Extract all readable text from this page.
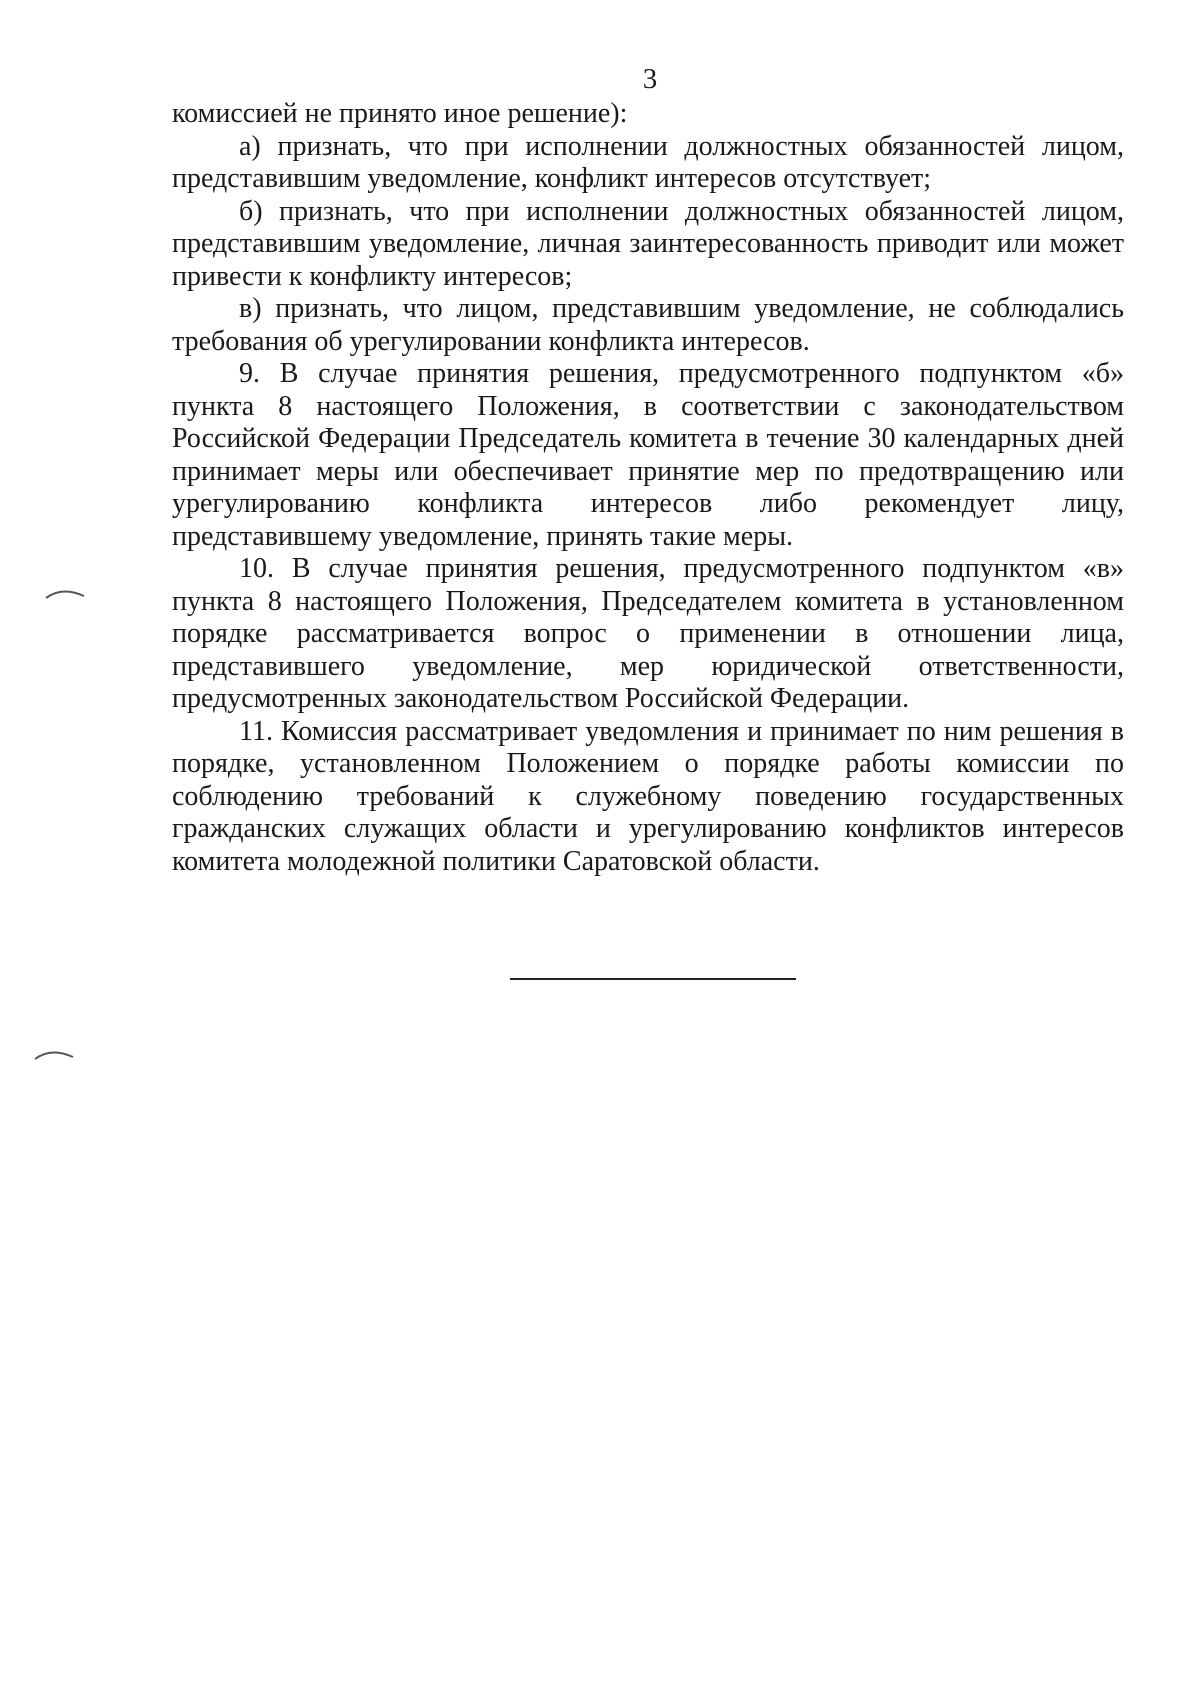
3

комиссией не принято иное решение):

а) признать, что при исполнении должностных обязанностей лицом, представившим уведомление, конфликт интересов отсутствует;

б) признать, что при исполнении должностных обязанностей лицом, представившим уведомление, личная заинтересованность приводит или может привести к конфликту интересов;

в) признать, что лицом, представившим уведомление, не соблюдались требования об урегулировании конфликта интересов.

9. В случае принятия решения, предусмотренного подпунктом «б» пункта 8 настоящего Положения, в соответствии с законодательством Российской Федерации Председатель комитета в течение 30 календарных дней принимает меры или обеспечивает принятие мер по предотвращению или урегулированию конфликта интересов либо рекомендует лицу, представившему уведомление, принять такие меры.

10. В случае принятия решения, предусмотренного подпунктом «в» пункта 8 настоящего Положения, Председателем комитета в установленном порядке рассматривается вопрос о применении в отношении лица, представившего уведомление, мер юридической ответственности, предусмотренных законодательством Российской Федерации.

11. Комиссия рассматривает уведомления и принимает по ним решения в порядке, установленном Положением о порядке работы комиссии по соблюдению требований к служебному поведению государственных гражданских служащих области и урегулированию конфликтов интересов комитета молодежной политики Саратовской области.
